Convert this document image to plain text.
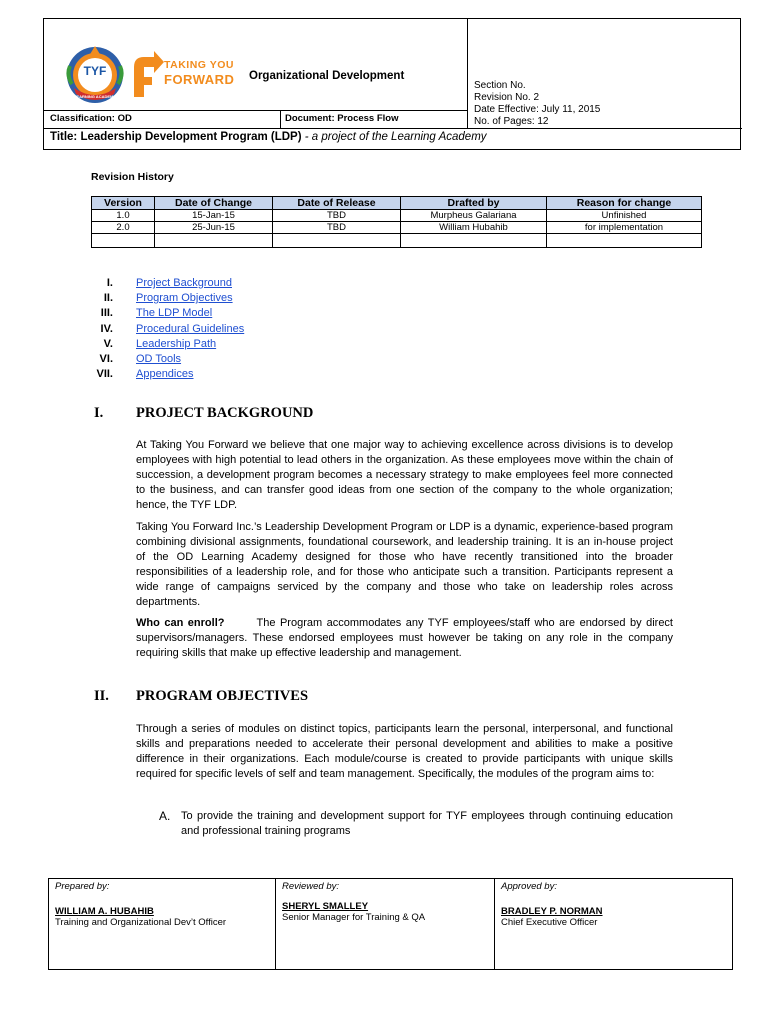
TYF
LEARNING ACADEMY
TAKING YOU
FORWARD Organizational Development
Section No.
Revision No. 2
Date Effective: July 11, 2015
No. of Pages: 12
Classification: OD	Document: Process Flow
Title: Leadership Development Program (LDP) - a project of the Learning Academy
Revision History
Version	Date of Change	Date of Release	Drafted by	Reason for change
1.0	15-Jan-15	TBD	Murpheus Galariana	Unfinished
2.0	25-Jun-15	TBD	William Hubahib	for implementation

I. Project Background
II. Program Objectives
III. The LDP Model
IV. Procedural Guidelines
V. Leadership Path
VI. OD Tools
VII. Appendices
I. PROJECT BACKGROUND
At Taking You Forward we believe that one major way to achieving excellence across divisions is to develop employees with high potential to lead others in the organization. As these employees move within the chain of succession, a development program becomes a necessary strategy to make employees feel more connected to the business, and can transfer good ideas from one section of the company to the whole organization; hence, the TYF LDP.
Taking You Forward Inc.’s Leadership Development Program or LDP is a dynamic, experience-based program combining divisional assignments, foundational coursework, and leadership training. It is an in-house project of the OD Learning Academy designed for those who have recently transitioned into the broader responsibilities of a leadership role, and for those who anticipate such a transition. Participants represent a wide range of campaigns serviced by the company and those who take on leadership roles across departments.
Who can enroll?	The Program accommodates any TYF employees/staff who are endorsed by direct supervisors/managers. These endorsed employees must however be taking on any role in the company requiring skills that make up effective leadership and management.
II. PROGRAM OBJECTIVES
Through a series of modules on distinct topics, participants learn the personal, interpersonal, and functional skills and preparations needed to accelerate their personal development and abilities to make a positive difference in their organizations. Each module/course is created to provide participants with unique skills required for specific levels of self and team management. Specifically, the modules of the program aims to:
A. To provide the training and development support for TYF employees through continuing education and professional training programs
Prepared by:
WILLIAM A. HUBAHIB
Training and Organizational Dev’t Officer

Reviewed by:
SHERYL SMALLEY
Senior Manager for Training & QA

Approved by:
BRADLEY P. NORMAN
Chief Executive Officer
